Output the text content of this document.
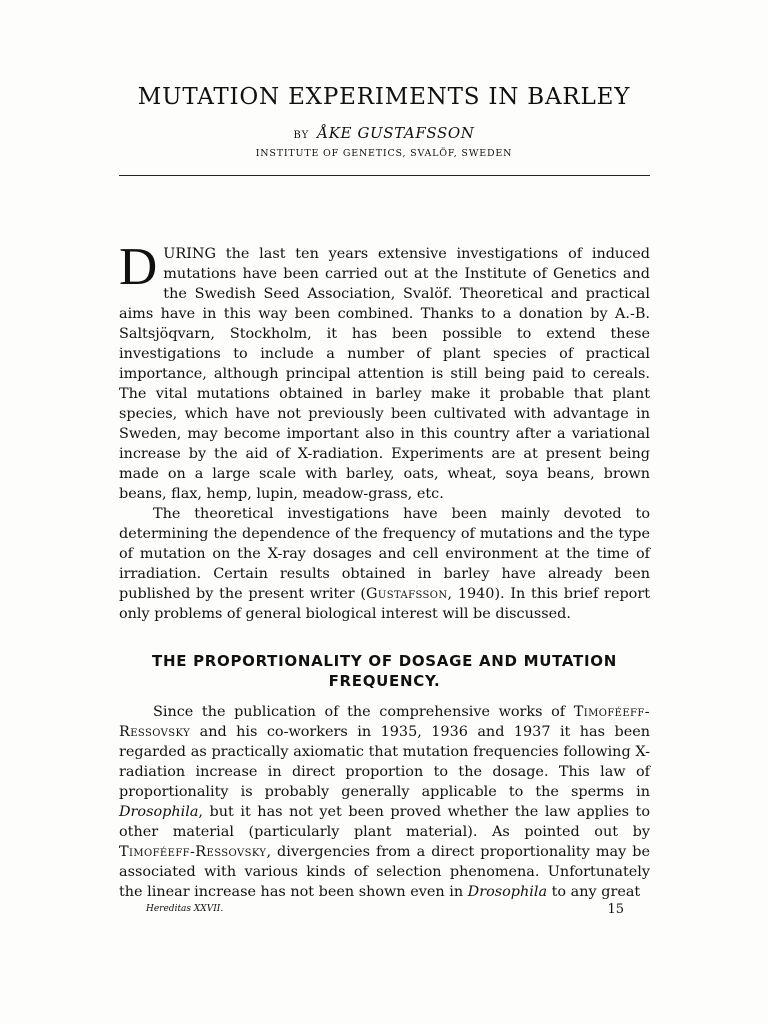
MUTATION EXPERIMENTS IN BARLEY
BY ÅKE GUSTAFSSON
INSTITUTE OF GENETICS, SVALÖF, SWEDEN

DURING the last ten years extensive investigations of induced mutations have been carried out at the Institute of Genetics and the Swedish Seed Association, Svalöf. Theoretical and practical aims have in this way been combined. Thanks to a donation by A.-B. Saltsjöqvarn, Stockholm, it has been possible to extend these investigations to include a number of plant species of practical importance, although principal attention is still being paid to cereals. The vital mutations obtained in barley make it probable that plant species, which have not previously been cultivated with advantage in Sweden, may become important also in this country after a variational increase by the aid of X-radiation. Experiments are at present being made on a large scale with barley, oats, wheat, soya beans, brown beans, flax, hemp, lupin, meadow-grass, etc.

The theoretical investigations have been mainly devoted to determining the dependence of the frequency of mutations and the type of mutation on the X-ray dosages and cell environment at the time of irradiation. Certain results obtained in barley have already been published by the present writer (Gustafsson, 1940). In this brief report only problems of general biological interest will be discussed.

THE PROPORTIONALITY OF DOSAGE AND MUTATION
FREQUENCY.

Since the publication of the comprehensive works of Timoféeff-Ressovsky and his co-workers in 1935, 1936 and 1937 it has been regarded as practically axiomatic that mutation frequencies following X-radiation increase in direct proportion to the dosage. This law of proportionality is probably generally applicable to the sperms in Drosophila, but it has not yet been proved whether the law applies to other material (particularly plant material). As pointed out by Timoféeff-Ressovsky, divergencies from a direct proportionality may be associated with various kinds of selection phenomena. Unfortunately the linear increase has not been shown even in Drosophila to any great

Hereditas XXVII.	15
